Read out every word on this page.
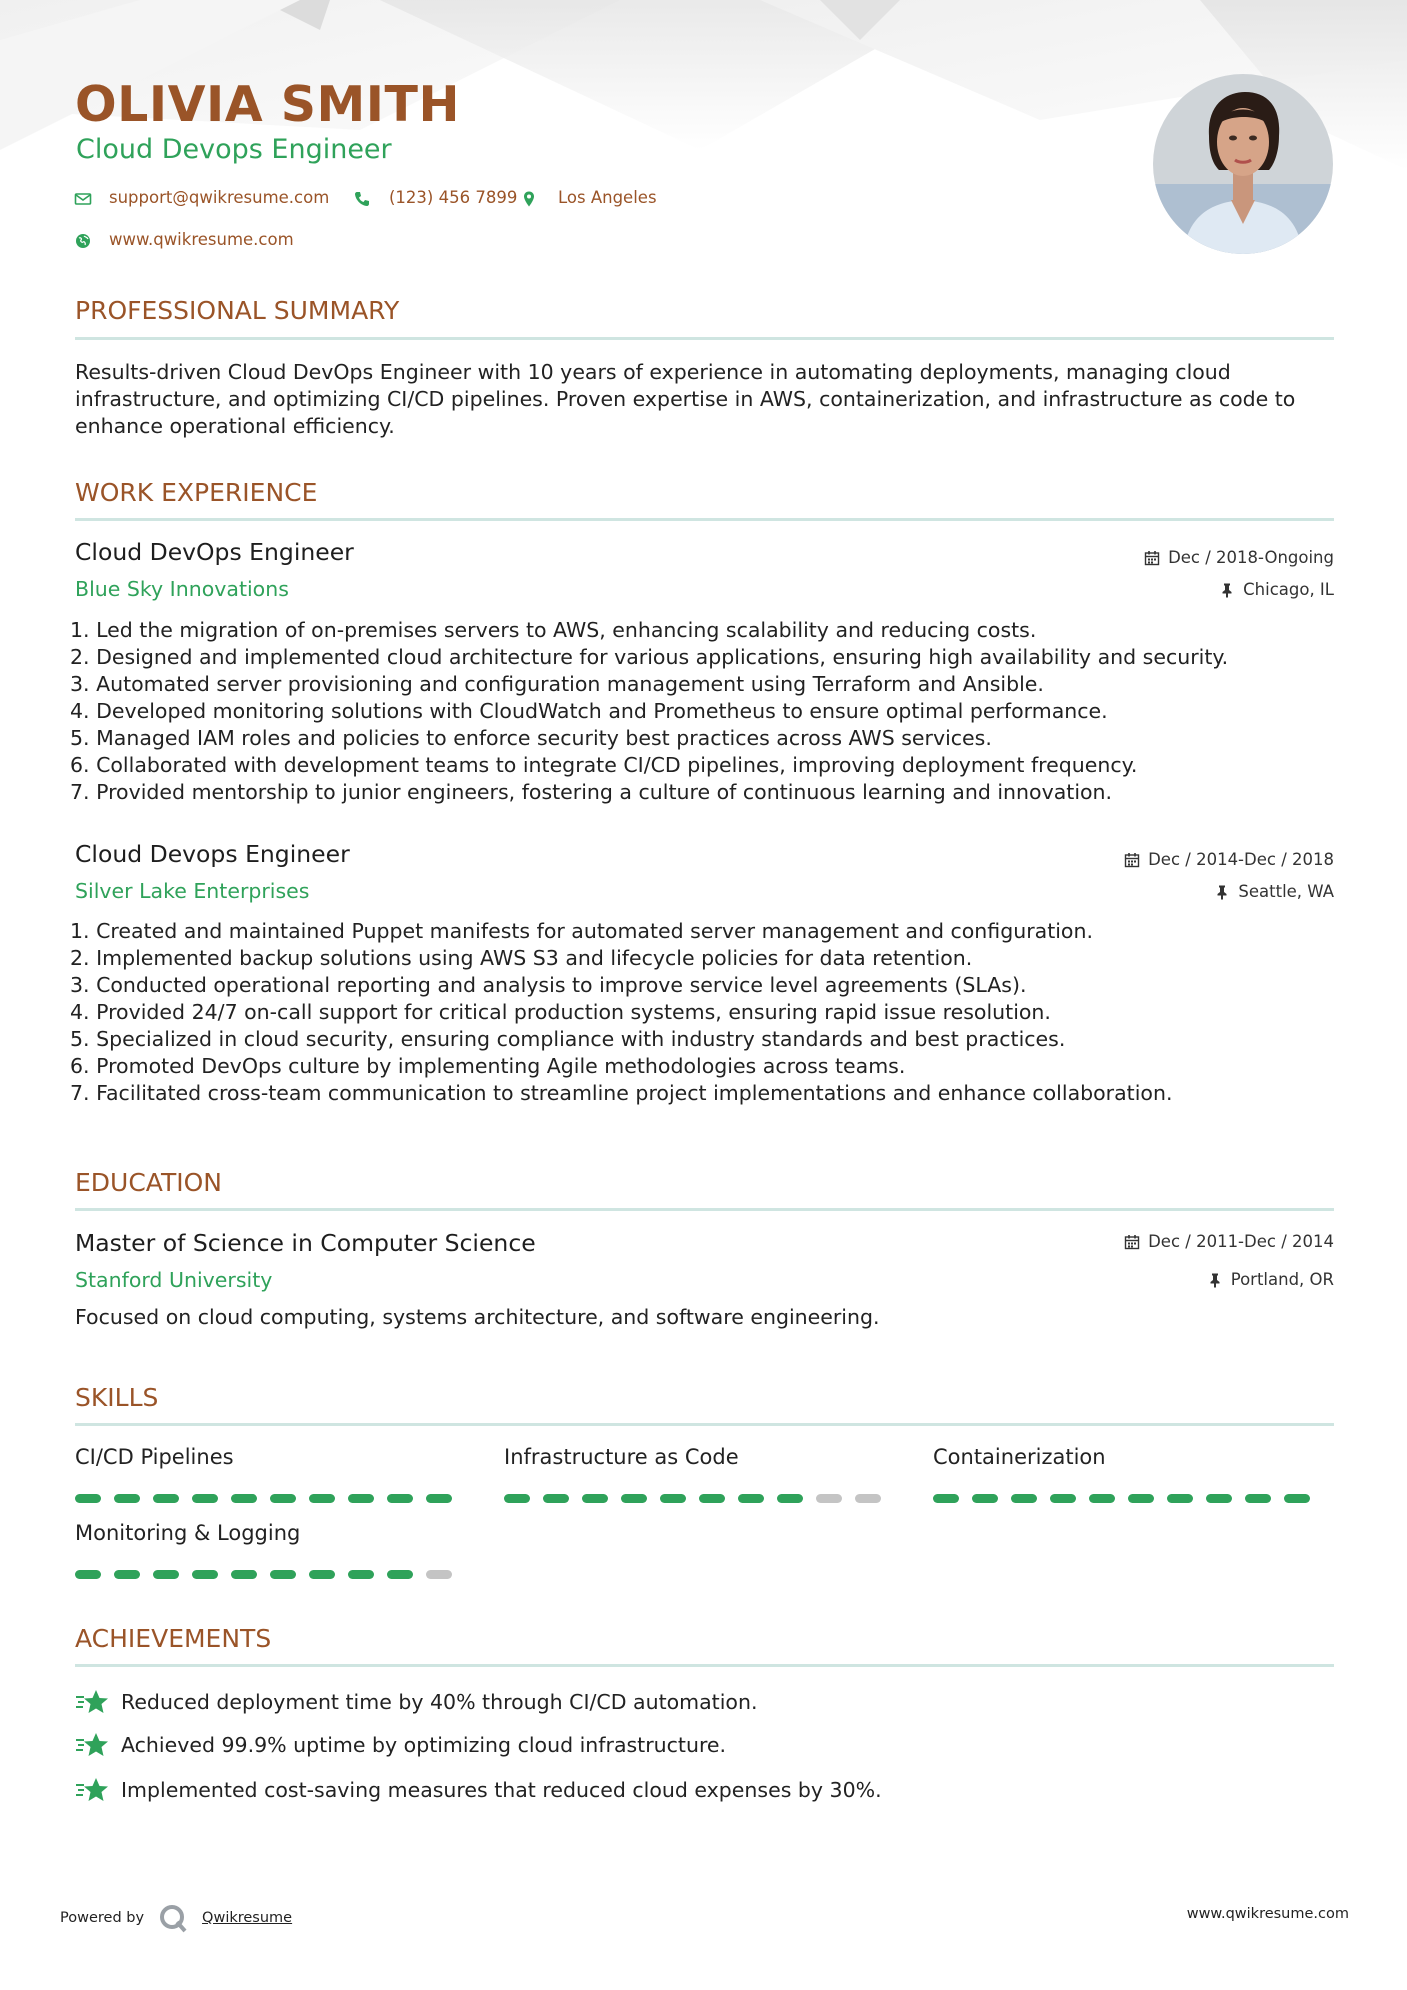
OLIVIA SMITH
Cloud Devops Engineer
support@qwikresume.com	(123) 456 7899 Los Angeles
www.qwikresume.com
PROFESSIONAL SUMMARY
Results-driven Cloud DevOps Engineer with 10 years of experience in automating deployments, managing cloud infrastructure, and optimizing CI/CD pipelines. Proven expertise in AWS, containerization, and infrastructure as code to enhance operational efficiency.
WORK EXPERIENCE
Cloud DevOps Engineer	Dec / 2018-Ongoing
Blue Sky Innovations	Chicago, IL
1. Led the migration of on-premises servers to AWS, enhancing scalability and reducing costs.
2. Designed and implemented cloud architecture for various applications, ensuring high availability and security.
3. Automated server provisioning and configuration management using Terraform and Ansible.
4. Developed monitoring solutions with CloudWatch and Prometheus to ensure optimal performance.
5. Managed IAM roles and policies to enforce security best practices across AWS services.
6. Collaborated with development teams to integrate CI/CD pipelines, improving deployment frequency.
7. Provided mentorship to junior engineers, fostering a culture of continuous learning and innovation.
Cloud Devops Engineer	Dec / 2014-Dec / 2018
Silver Lake Enterprises	Seattle, WA
1. Created and maintained Puppet manifests for automated server management and configuration.
2. Implemented backup solutions using AWS S3 and lifecycle policies for data retention.
3. Conducted operational reporting and analysis to improve service level agreements (SLAs).
4. Provided 24/7 on-call support for critical production systems, ensuring rapid issue resolution.
5. Specialized in cloud security, ensuring compliance with industry standards and best practices.
6. Promoted DevOps culture by implementing Agile methodologies across teams.
7. Facilitated cross-team communication to streamline project implementations and enhance collaboration.
EDUCATION
Master of Science in Computer Science	Dec / 2011-Dec / 2014
Stanford University	Portland, OR
Focused on cloud computing, systems architecture, and software engineering.
SKILLS
CI/CD Pipelines	Infrastructure as Code	Containerization
Monitoring & Logging
ACHIEVEMENTS
Reduced deployment time by 40% through CI/CD automation.
Achieved 99.9% uptime by optimizing cloud infrastructure.
Implemented cost-saving measures that reduced cloud expenses by 30%.
Powered by	Qwikresume	www.qwikresume.com
